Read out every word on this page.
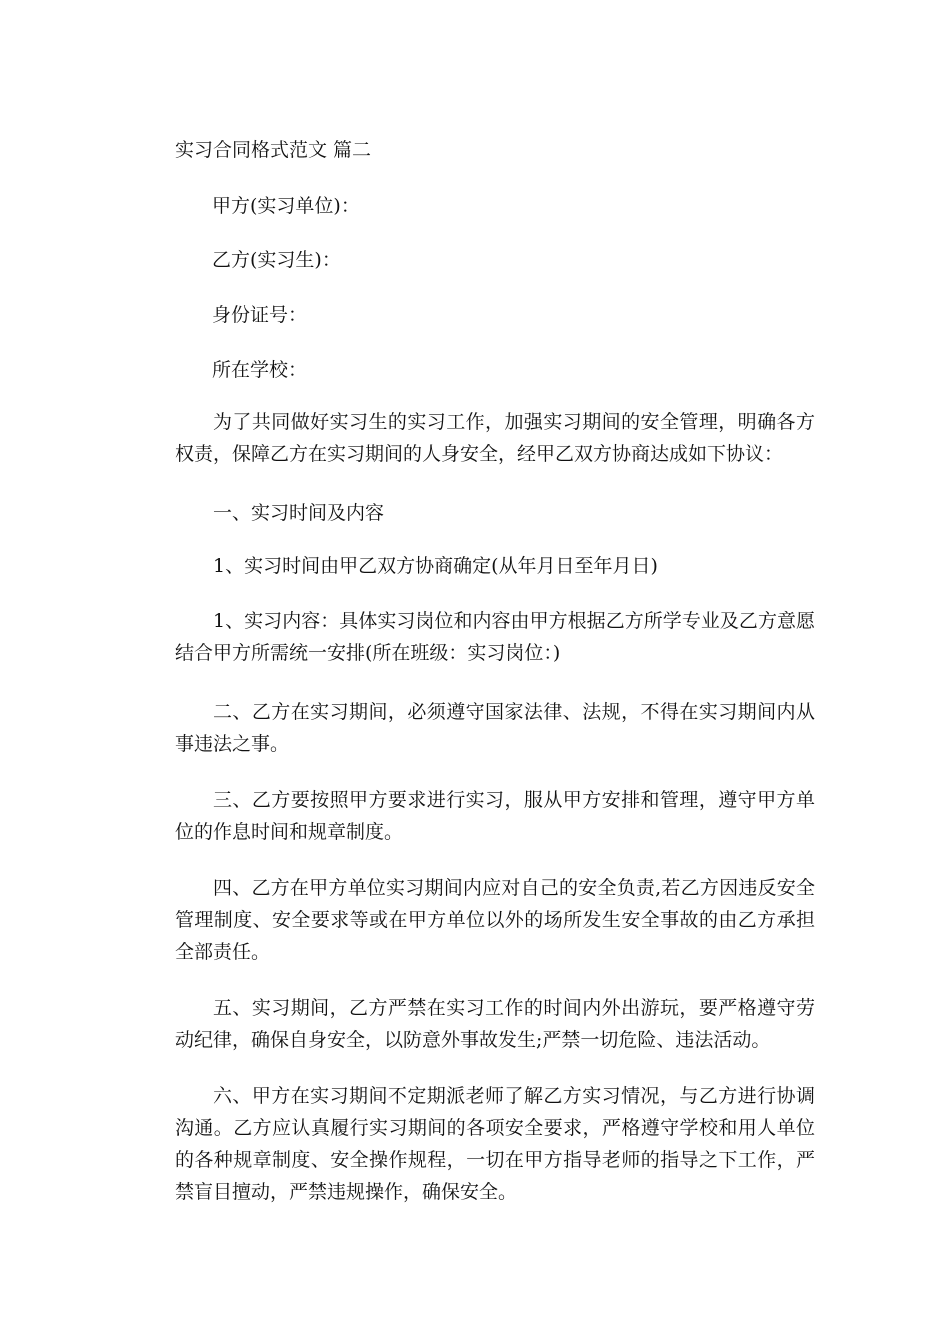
实习合同格式范文 篇二
甲方(实习单位)：
乙方(实习生)：
身份证号：
所在学校：
为了共同做好实习生的实习工作，加强实习期间的安全管理，明确各方权责，保障乙方在实习期间的人身安全，经甲乙双方协商达成如下协议：
一、实习时间及内容
1、实习时间由甲乙双方协商确定(从年月日至年月日)
1、实习内容：具体实习岗位和内容由甲方根据乙方所学专业及乙方意愿结合甲方所需统一安排(所在班级：实习岗位：)
二、乙方在实习期间，必须遵守国家法律、法规，不得在实习期间内从事违法之事。
三、乙方要按照甲方要求进行实习，服从甲方安排和管理，遵守甲方单位的作息时间和规章制度。
四、乙方在甲方单位实习期间内应对自己的安全负责,若乙方因违反安全管理制度、安全要求等或在甲方单位以外的场所发生安全事故的由乙方承担全部责任。
五、实习期间，乙方严禁在实习工作的时间内外出游玩，要严格遵守劳动纪律，确保自身安全，以防意外事故发生;严禁一切危险、违法活动。
六、甲方在实习期间不定期派老师了解乙方实习情况，与乙方进行协调沟通。乙方应认真履行实习期间的各项安全要求，严格遵守学校和用人单位的各种规章制度、安全操作规程，一切在甲方指导老师的指导之下工作，严禁盲目擅动，严禁违规操作，确保安全。
